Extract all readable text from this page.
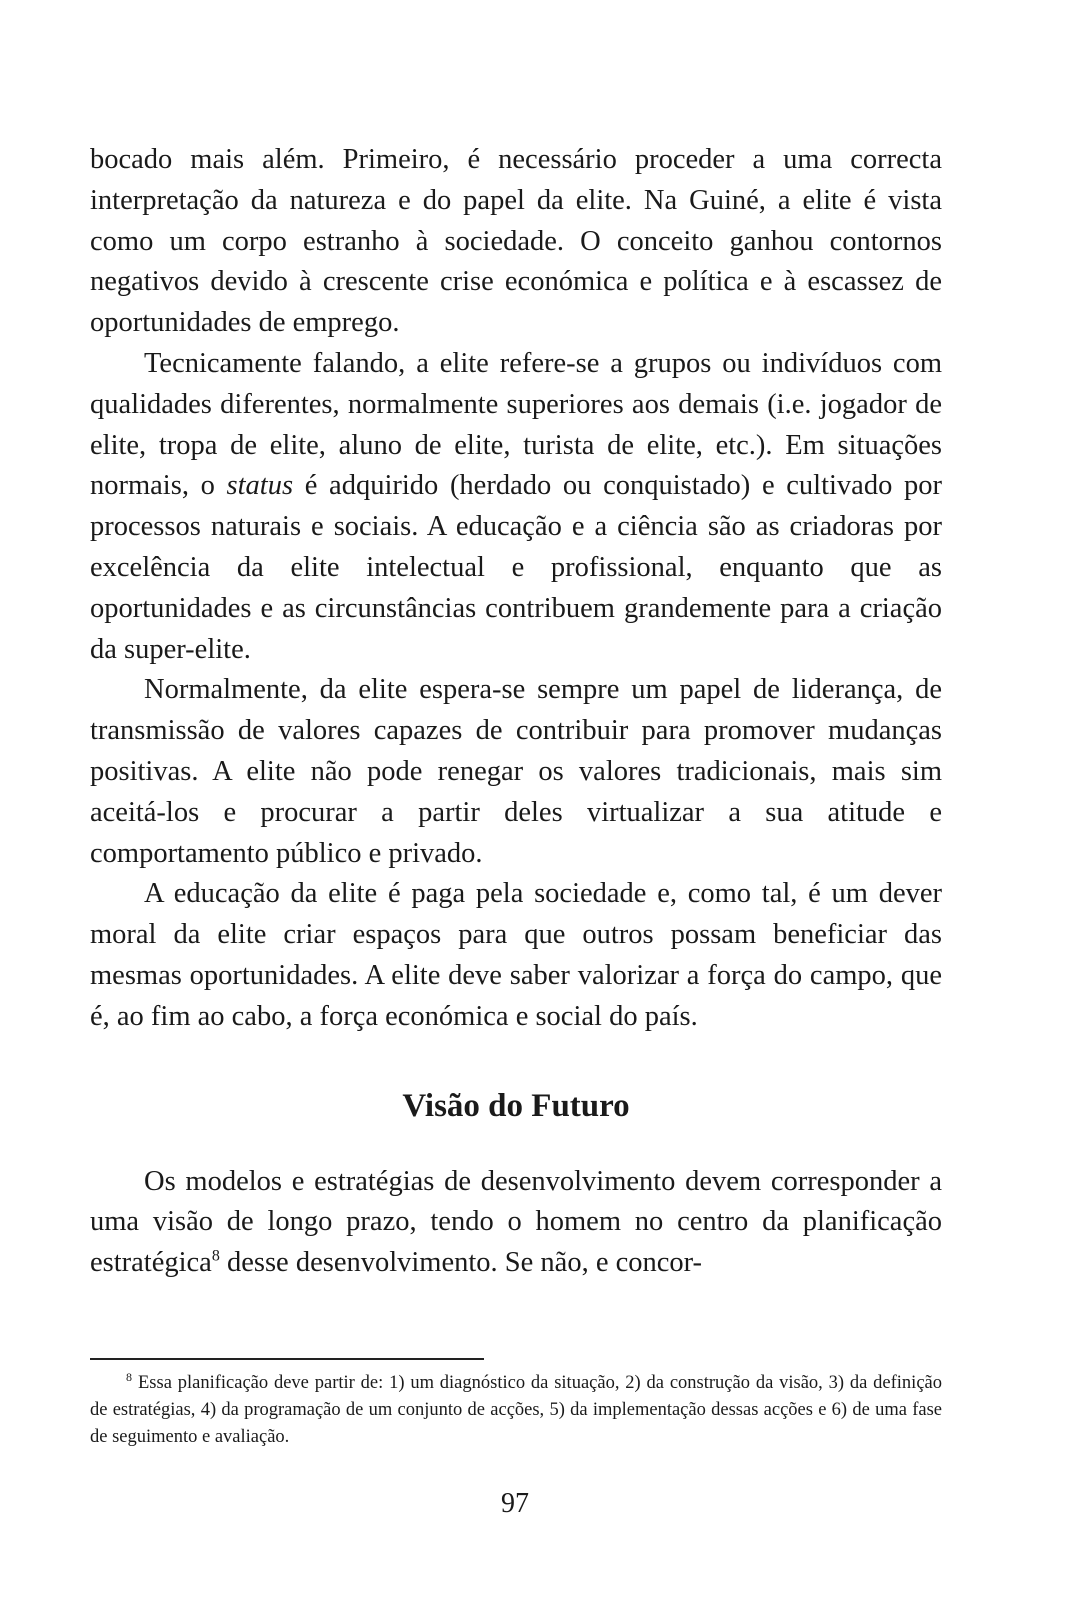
bocado mais além. Primeiro, é necessário proceder a uma correcta interpretação da natureza e do papel da elite. Na Guiné, a elite é vista como um corpo estranho à sociedade. O conceito ganhou contornos negativos devido à crescente crise económica e política e à escassez de oportunidades de emprego.

Tecnicamente falando, a elite refere-se a grupos ou indivíduos com qualidades diferentes, normalmente superiores aos demais (i.e. jogador de elite, tropa de elite, aluno de elite, turista de elite, etc.). Em situações normais, o status é adquirido (herdado ou conquistado) e cultivado por processos naturais e sociais. A educação e a ciência são as criadoras por excelência da elite intelectual e profissional, enquanto que as oportunidades e as circunstâncias contribuem grandemente para a criação da super-elite.

Normalmente, da elite espera-se sempre um papel de liderança, de transmissão de valores capazes de contribuir para promover mudanças positivas. A elite não pode renegar os valores tradicionais, mais sim aceitá-los e procurar a partir deles virtualizar a sua atitude e comportamento público e privado.

A educação da elite é paga pela sociedade e, como tal, é um dever moral da elite criar espaços para que outros possam beneficiar das mesmas oportunidades. A elite deve saber valorizar a força do campo, que é, ao fim ao cabo, a força económica e social do país.

Visão do Futuro

Os modelos e estratégias de desenvolvimento devem corresponder a uma visão de longo prazo, tendo o homem no centro da planificação estratégica$^8$ desse desenvolvimento. Se não, e concor-

$^8$ Essa planificação deve partir de: 1) um diagnóstico da situação, 2) da construção da visão, 3) da definição de estratégias, 4) da programação de um conjunto de acções, 5) da implementação dessas acções e 6) de uma fase de seguimento e avaliação.

97
